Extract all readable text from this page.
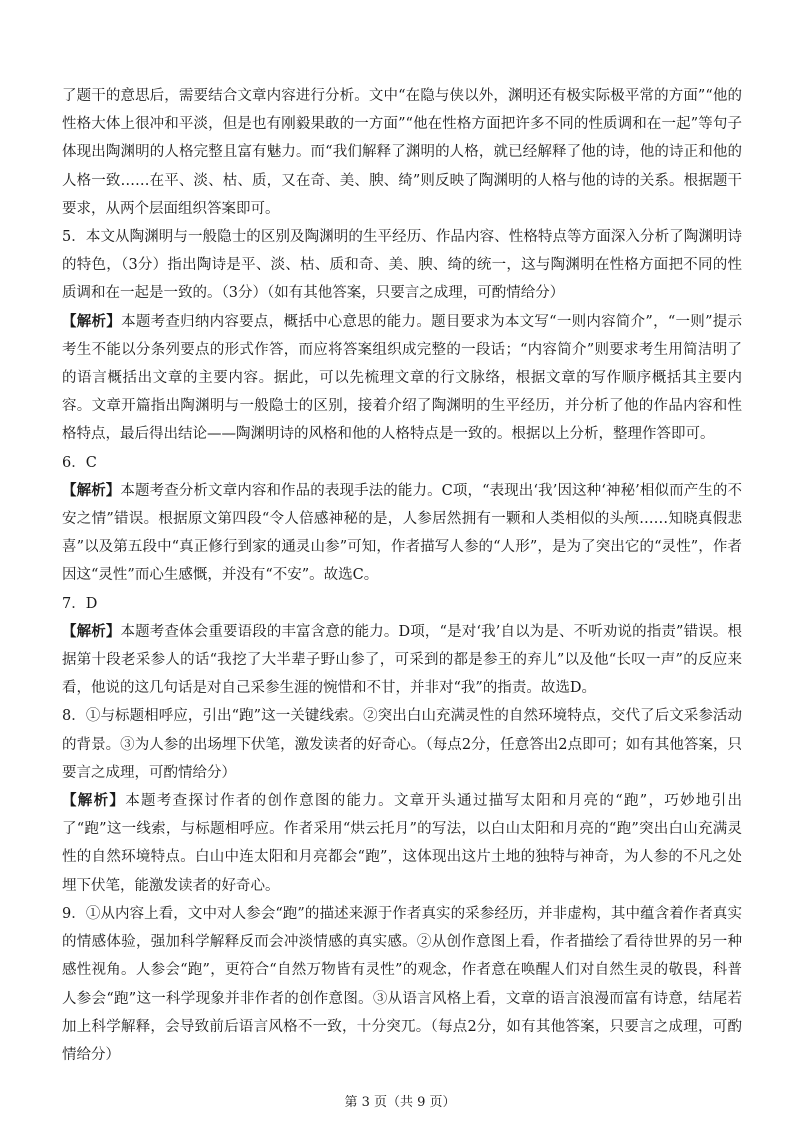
了题干的意思后，需要结合文章内容进行分析。文中“在隐与侠以外，渊明还有极实际极平常的方面”“他的性格大体上很冲和平淡，但是也有刚毅果敢的一方面”“他在性格方面把许多不同的性质调和在一起”等句子体现出陶渊明的人格完整且富有魅力。而“我们解释了渊明的人格，就已经解释了他的诗，他的诗正和他的人格一致……在平、淡、枯、质，又在奇、美、腴、绮”则反映了陶渊明的人格与他的诗的关系。根据题干要求，从两个层面组织答案即可。

5．本文从陶渊明与一般隐士的区别及陶渊明的生平经历、作品内容、性格特点等方面深入分析了陶渊明诗的特色，（3分）指出陶诗是平、淡、枯、质和奇、美、腴、绮的统一，这与陶渊明在性格方面把不同的性质调和在一起是一致的。（3分）（如有其他答案，只要言之成理，可酌情给分）

【解析】本题考查归纳内容要点，概括中心意思的能力。题目要求为本文写“一则内容简介”，“一则”提示考生不能以分条列要点的形式作答，而应将答案组织成完整的一段话；“内容简介”则要求考生用简洁明了的语言概括出文章的主要内容。据此，可以先梳理文章的行文脉络，根据文章的写作顺序概括其主要内容。文章开篇指出陶渊明与一般隐士的区别，接着介绍了陶渊明的生平经历，并分析了他的作品内容和性格特点，最后得出结论——陶渊明诗的风格和他的人格特点是一致的。根据以上分析，整理作答即可。

6．C

【解析】本题考查分析文章内容和作品的表现手法的能力。C项，“表现出‘我’因这种‘神秘’相似而产生的不安之情”错误。根据原文第四段“令人倍感神秘的是，人参居然拥有一颗和人类相似的头颅……知晓真假悲喜”以及第五段中“真正修行到家的通灵山参”可知，作者描写人参的“人形”，是为了突出它的“灵性”，作者因这“灵性”而心生感慨，并没有“不安”。故选C。

7．D

【解析】本题考查体会重要语段的丰富含意的能力。D项，“是对‘我’自以为是、不听劝说的指责”错误。根据第十段老采参人的话“我挖了大半辈子野山参了，可采到的都是参王的弃儿”以及他“长叹一声”的反应来看，他说的这几句话是对自己采参生涯的惋惜和不甘，并非对“我”的指责。故选D。

8．①与标题相呼应，引出“跑”这一关键线索。②突出白山充满灵性的自然环境特点，交代了后文采参活动的背景。③为人参的出场埋下伏笔，激发读者的好奇心。（每点2分，任意答出2点即可；如有其他答案，只要言之成理，可酌情给分）

【解析】本题考查探讨作者的创作意图的能力。文章开头通过描写太阳和月亮的“跑”，巧妙地引出了“跑”这一线索，与标题相呼应。作者采用“烘云托月”的写法，以白山太阳和月亮的“跑”突出白山充满灵性的自然环境特点。白山中连太阳和月亮都会“跑”，这体现出这片土地的独特与神奇，为人参的不凡之处埋下伏笔，能激发读者的好奇心。

9．①从内容上看，文中对人参会“跑”的描述来源于作者真实的采参经历，并非虚构，其中蕴含着作者真实的情感体验，强加科学解释反而会冲淡情感的真实感。②从创作意图上看，作者描绘了看待世界的另一种感性视角。人参会“跑”，更符合“自然万物皆有灵性”的观念，作者意在唤醒人们对自然生灵的敬畏，科普人参会“跑”这一科学现象并非作者的创作意图。③从语言风格上看，文章的语言浪漫而富有诗意，结尾若加上科学解释，会导致前后语言风格不一致，十分突兀。（每点2分，如有其他答案，只要言之成理，可酌情给分）

第 3 页（共 9 页）
